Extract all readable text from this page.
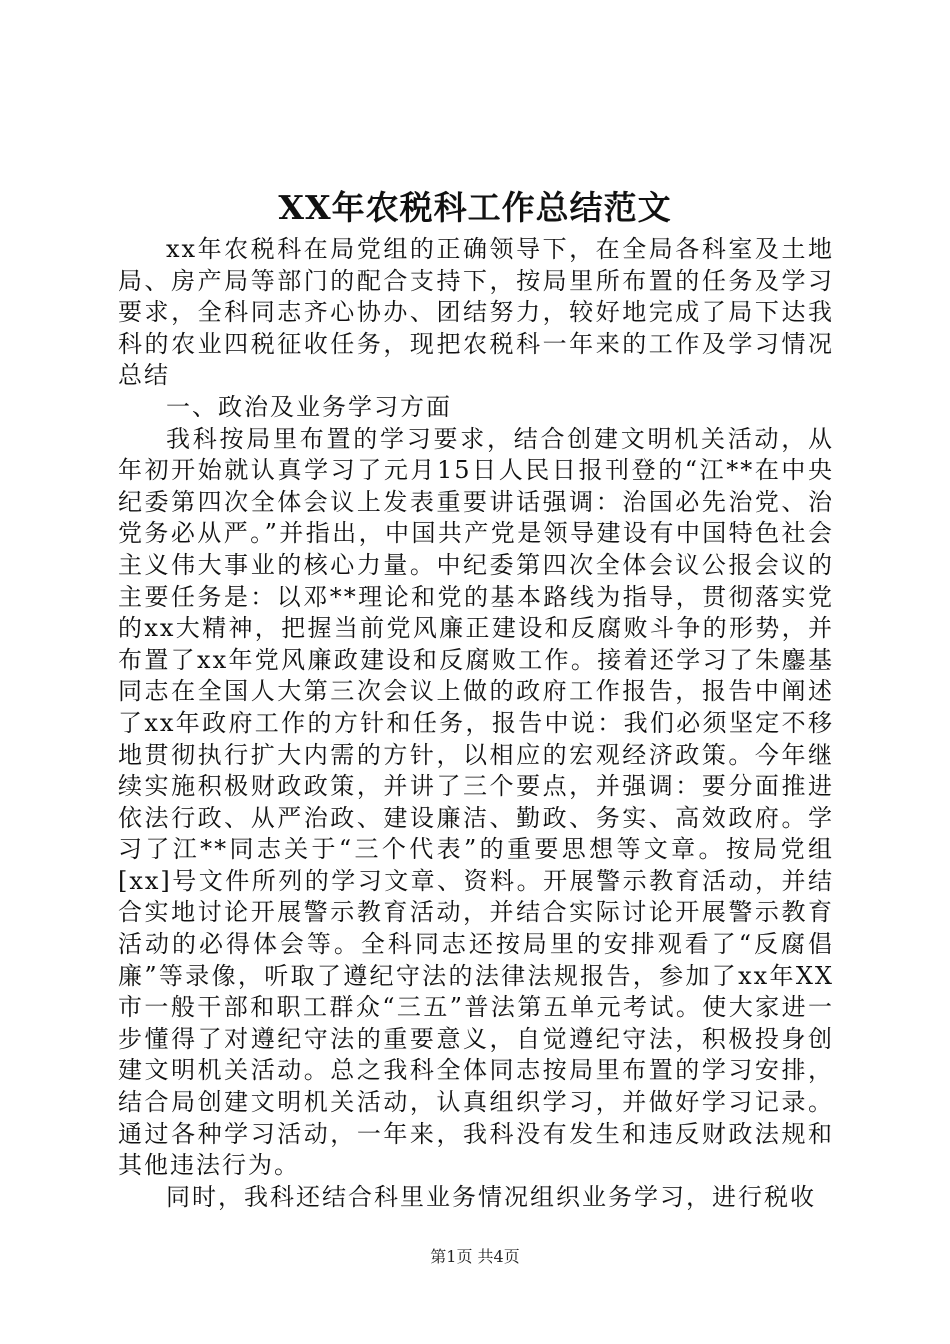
XX年农税科工作总结范文

xx年农税科在局党组的正确领导下，在全局各科室及土地局、房产局等部门的配合支持下，按局里所布置的任务及学习要求，全科同志齐心协办、团结努力，较好地完成了局下达我科的农业四税征收任务，现把农税科一年来的工作及学习情况总结

一、政治及业务学习方面

我科按局里布置的学习要求，结合创建文明机关活动，从年初开始就认真学习了元月15日人民日报刊登的“江**在中央纪委第四次全体会议上发表重要讲话强调：治国必先治党、治党务必从严。”并指出，中国共产党是领导建设有中国特色社会主义伟大事业的核心力量。中纪委第四次全体会议公报会议的主要任务是：以邓**理论和党的基本路线为指导，贯彻落实党的xx大精神，把握当前党风廉正建设和反腐败斗争的形势，并布置了xx年党风廉政建设和反腐败工作。接着还学习了朱鏖基同志在全国人大第三次会议上做的政府工作报告，报告中阐述了xx年政府工作的方针和任务，报告中说：我们必须坚定不移地贯彻执行扩大内需的方针，以相应的宏观经济政策。今年继续实施积极财政政策，并讲了三个要点，并强调：要分面推进依法行政、从严治政、建设廉洁、勤政、务实、高效政府。学习了江**同志关于“三个代表”的重要思想等文章。按局党组[xx]号文件所列的学习文章、资料。开展警示教育活动，并结合实地讨论开展警示教育活动，并结合实际讨论开展警示教育活动的必得体会等。全科同志还按局里的安排观看了“反腐倡廉”等录像，听取了遵纪守法的法律法规报告，参加了xx年XX市一般干部和职工群众“三五”普法第五单元考试。使大家进一步懂得了对遵纪守法的重要意义，自觉遵纪守法，积极投身创建文明机关活动。总之我科全体同志按局里布置的学习安排，结合局创建文明机关活动，认真组织学习，并做好学习记录。通过各种学习活动，一年来，我科没有发生和违反财政法规和其他违法行为。

同时，我科还结合科里业务情况组织业务学习，进行税收

第1页 共4页
